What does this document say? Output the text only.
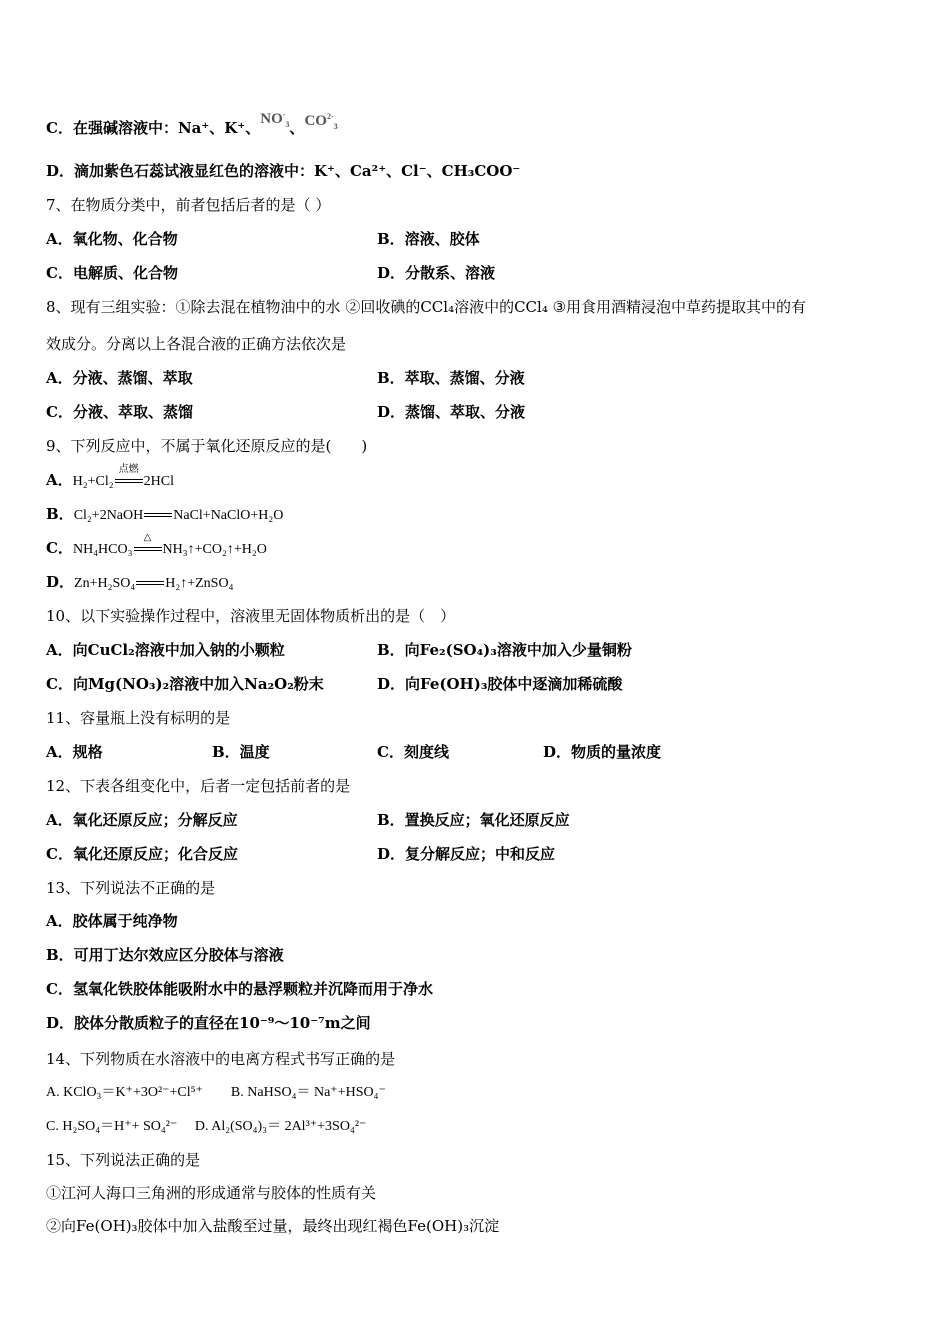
C．在强碱溶液中：Na⁺、K⁺、$NO^-_3$、$CO^{2-}_3$
D．滴加紫色石蕊试液显红色的溶液中：K⁺、Ca²⁺、Cl⁻、CH₃COO⁻
7、在物质分类中，前者包括后者的是（ ）
A．氧化物、化合物	B．溶液、胶体
C．电解质、化合物	D．分散系、溶液
8、现有三组实验：①除去混在植物油中的水 ②回收碘的CCl₄溶液中的CCl₄ ③用食用酒精浸泡中草药提取其中的有
效成分。分离以上各混合液的正确方法依次是
A．分液、蒸馏、萃取	B．萃取、蒸馏、分液
C．分液、萃取、蒸馏	D．蒸馏、萃取、分液
9、下列反应中，不属于氧化还原反应的是(　　)
A．H₂+Cl₂
点燃
2HCl
B．Cl₂+2NaOH NaCl+NaClO+H₂O
C．NH₄HCO₃
△
NH₃↑+CO₂↑+H₂O
D．Zn+H₂SO₄ H₂↑+ZnSO₄
10、以下实验操作过程中，溶液里无固体物质析出的是（　）
A．向CuCl₂溶液中加入钠的小颗粒	B．向Fe₂(SO₄)₃溶液中加入少量铜粉
C．向Mg(NO₃)₂溶液中加入Na₂O₂粉末	D．向Fe(OH)₃胶体中逐滴加稀硫酸
11、容量瓶上没有标明的是
A．规格	B．温度	C．刻度线	D．物质的量浓度
12、下表各组变化中，后者一定包括前者的是
A．氧化还原反应；分解反应	B．置换反应；氧化还原反应
C．氧化还原反应；化合反应	D．复分解反应；中和反应
13、下列说法不正确的是
A．胶体属于纯净物
B．可用丁达尔效应区分胶体与溶液
C．氢氧化铁胶体能吸附水中的悬浮颗粒并沉降而用于净水
D．胶体分散质粒子的直径在10⁻⁹～10⁻⁷m之间
14、下列物质在水溶液中的电离方程式书写正确的是
A. KClO₃＝K⁺+3O²⁻+Cl⁵⁺　　B. NaHSO₄＝ Na⁺+HSO₄⁻
C. H₂SO₄＝H⁺+ SO₄²⁻　 D. Al₂(SO₄)₃＝ 2Al³⁺+3SO₄²⁻
15、下列说法正确的是
①江河人海口三角洲的形成通常与胶体的性质有关
②向Fe(OH)₃胶体中加入盐酸至过量，最终出现红褐色Fe(OH)₃沉淀
